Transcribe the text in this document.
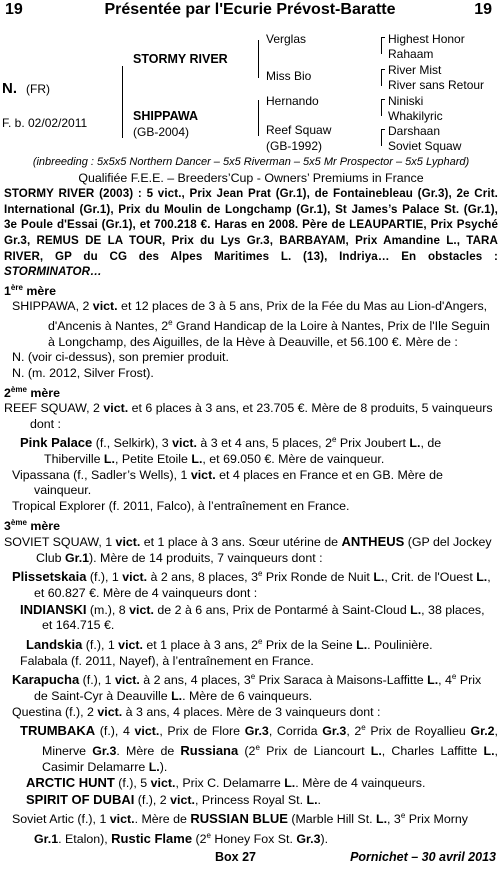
19	Présentée par l'Ecurie Prévost-Baratte	19
N. (FR)
F. b. 02/02/2011
STORMY RIVER
SHIPPAWA
(GB-2004)
Verglas
Miss Bio
Hernando
Reef Squaw
(GB-1992)
Highest Honor
Rahaam
River Mist
River sans Retour
Niniski
Whakilyric
Darshaan
Soviet Squaw

(inbreeding : 5x5x5 Northern Dancer – 5x5 Riverman – 5x5 Mr Prospector – 5x5 Lyphard)

Qualifiée F.E.E. – Breeders’Cup - Owners’ Premiums in France

STORMY RIVER (2003) : 5 vict., Prix Jean Prat (Gr.1), de Fontainebleau (Gr.3), 2e Crit. International (Gr.1), Prix du Moulin de Longchamp (Gr.1), St James’s Palace St. (Gr.1), 3e Poule d'Essai (Gr.1), et 700.218 €. Haras en 2008. Père de LEAUPARTIE, Prix Psyché Gr.3, REMUS DE LA TOUR, Prix du Lys Gr.3, BARBAYAM, Prix Amandine L., TARA RIVER, GP du CG des Alpes Maritimes L. (13), Indriya… En obstacles : STORMINATOR…

1ère mère

SHIPPAWA, 2 vict. et 12 places de 3 à 5 ans, Prix de la Fée du Mas au Lion-d'Angers, d'Ancenis à Nantes, 2e Grand Handicap de la Loire à Nantes, Prix de l'Ile Seguin à Longchamp, des Aiguilles, de la Hève à Deauville, et 56.100 €. Mère de :

N. (voir ci-dessus), son premier produit.

N. (m. 2012, Silver Frost).

2ème mère

REEF SQUAW, 2 vict. et 6 places à 3 ans, et 23.705 €. Mère de 8 produits, 5 vainqueurs dont :

Pink Palace (f., Selkirk), 3 vict. à 3 et 4 ans, 5 places, 2e Prix Joubert L., de Thiberville L., Petite Etoile L., et 69.050 €. Mère de vainqueur.

Vipassana (f., Sadler’s Wells), 1 vict. et 4 places en France et en GB. Mère de vainqueur.

Tropical Explorer (f. 2011, Falco), à l’entraînement en France.

3ème mère

SOVIET SQUAW, 1 vict. et 1 place à 3 ans. Sœur utérine de ANTHEUS (GP del Jockey Club Gr.1). Mère de 14 produits, 7 vainqueurs dont :

Plissetskaia (f.), 1 vict. à 2 ans, 8 places, 3e Prix Ronde de Nuit L., Crit. de l'Ouest L., et 60.827 €. Mère de 4 vainqueurs dont :

INDIANSKI (m.), 8 vict. de 2 à 6 ans, Prix de Pontarmé à Saint-Cloud L., 38 places, et 164.715 €.

Landskia (f.), 1 vict. et 1 place à 3 ans, 2e Prix de la Seine L.. Poulinière.

Falabala (f. 2011, Nayef), à l’entraînement en France.

Karapucha (f.), 1 vict. à 2 ans, 4 places, 3e Prix Saraca à Maisons-Laffitte L., 4e Prix de Saint-Cyr à Deauville L.. Mère de 6 vainqueurs.

Questina (f.), 2 vict. à 3 ans, 4 places. Mère de 3 vainqueurs dont :

TRUMBAKA (f.), 4 vict., Prix de Flore Gr.3, Corrida Gr.3, 2e Prix de Royallieu Gr.2, Minerve Gr.3. Mère de Russiana (2e Prix de Liancourt L., Charles Laffitte L., Casimir Delamarre L.).

ARCTIC HUNT (f.), 5 vict., Prix C. Delamarre L.. Mère de 4 vainqueurs.

SPIRIT OF DUBAI (f.), 2 vict., Princess Royal St. L..

Soviet Artic (f.), 1 vict.. Mère de RUSSIAN BLUE (Marble Hill St. L., 3e Prix Morny Gr.1. Etalon), Rustic Flame (2e Honey Fox St. Gr.3).

Box 27	Pornichet – 30 avril 2013
